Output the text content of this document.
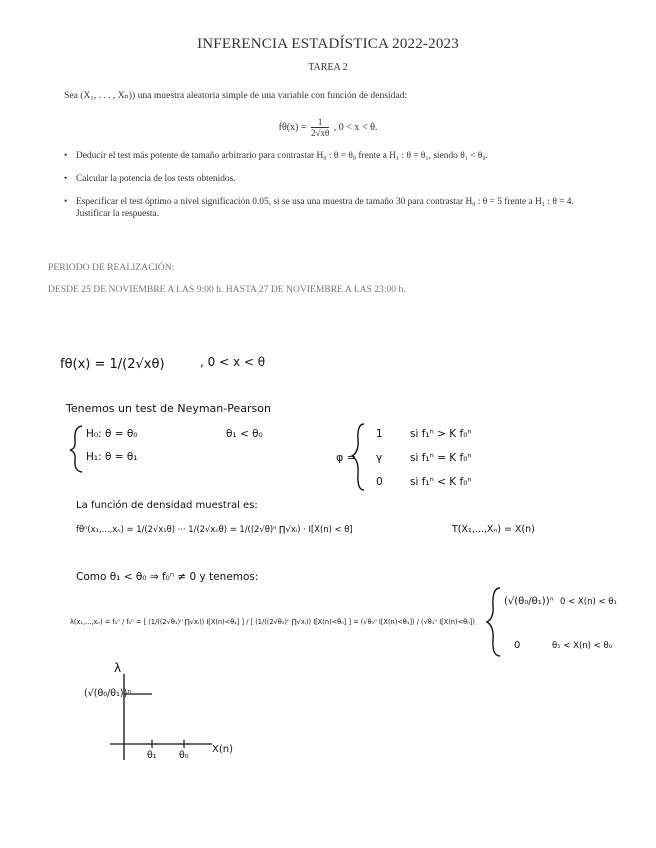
INFERENCIA ESTADÍSTICA 2022-2023
TAREA 2
Sea (X₁, . . . , Xₙ)) una muestra aleatoria simple de una variable con función de densidad:
$f\theta(x) = \frac{1}{2√x\theta}$ , 0 < x < θ.
• Deducir el test más potente de tamaño arbitrario para contrastar H₀ : θ = θ₀ frente a H₁ : θ = θ₁, siendo θ₁ < θ₀.
• Calcular la potencia de los tests obtenidos.
• Especificar el test óptimo a nivel significación 0.05, si se usa una muestra de tamaño 30 para contrastar H₀ : θ = 5 frente a H₁ : θ = 4. Justificar la respuesta.
PERIODO DE REALIZACIÓN:
DESDE 25 DE NOVIEMBRE A LAS 9:00 h. HASTA 27 DE NOVIEMBRE A LAS 23:00 h.
fθ(x) = 1/(2√xθ)	, 0 < x < θ
Tenemos un test de Neyman-Pearson
H₀: θ = θ₀
H₁: θ = θ₁
θ₁ < θ₀
φ =
1	si f₁ⁿ > K f₀ⁿ
γ	si f₁ⁿ = K f₀ⁿ
0	si f₁ⁿ < K f₀ⁿ
La función de densidad muestral es:
fθⁿ(x₁,...,xₙ) = 1/(2√x₁θ) ··· 1/(2√xₙθ) = 1/((2√θ)ⁿ ∏√xᵢ) · I[X(n) < θ]	T(X₁,...,Xₙ) = X(n)
Como θ₁ < θ₀ ⇒ f₀ⁿ ≠ 0 y tenemos:
λ(x₁,...,xₙ) = f₁ⁿ / f₀ⁿ = [ (1/((2√θ₁)ⁿ ∏√xᵢ)) I[X(n)<θ₁] ] / [ (1/((2√θ₀)ⁿ ∏√xᵢ)) I[X(n)<θ₀] ] = (√θ₀ⁿ I[X(n)<θ₁]) / (√θ₁ⁿ I[X(n)<θ₀])
(√(θ₀/θ₁))ⁿ 0 < X(n) < θ₁
0	θ₁ < X(n) < θ₀
λ
(√(θ₀/θ₁))ⁿ
θ₁ θ₀
X(n)
